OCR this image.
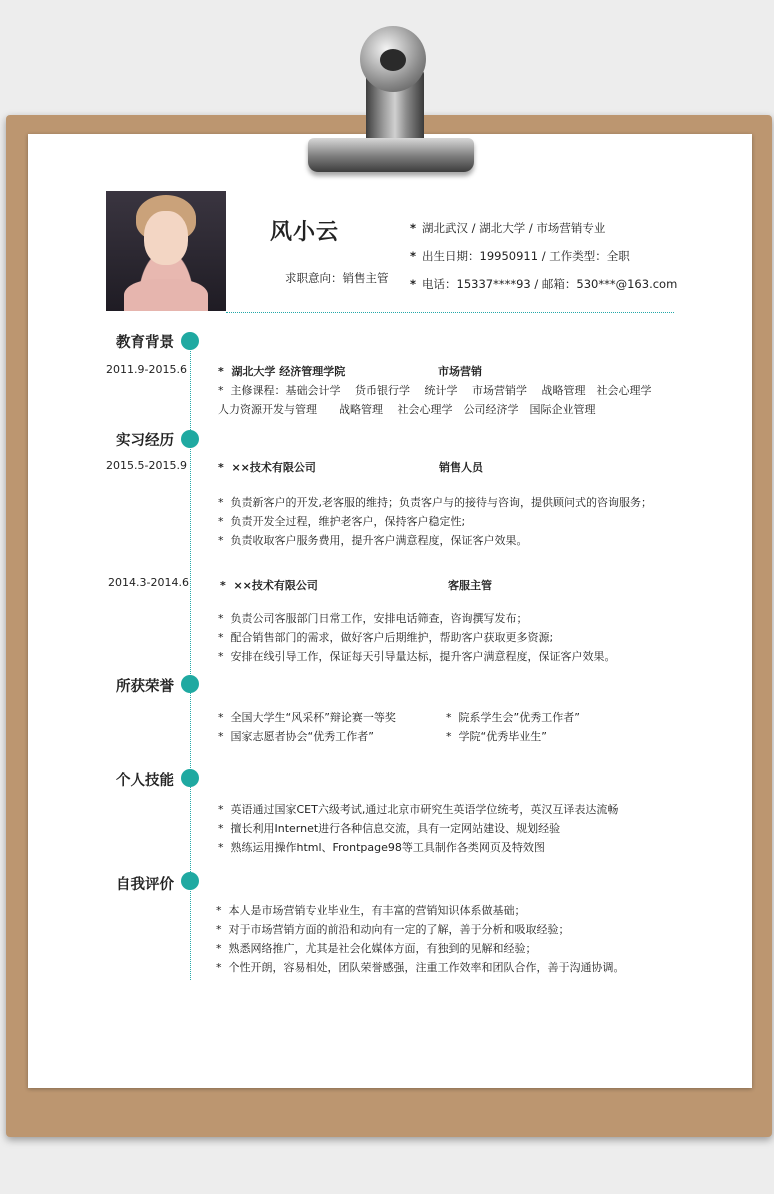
风小云
求职意向：销售主管
* 湖北武汉 / 湖北大学 / 市场营销专业
* 出生日期：19950911 / 工作类型：全职
* 电话：15337****93 / 邮箱：530***@163.com
教育背景
2011.9-2015.6	* 湖北大学 经济管理学院	市场营销
* 主修课程：基础会计学　 货币银行学　 统计学　 市场营销学　 战略管理　社会心理学
人力资源开发与管理　　战略管理　 社会心理学　公司经济学　国际企业管理
实习经历
2015.5-2015.9	* ××技术有限公司	销售人员
* 负责新客户的开发,老客服的维持；负责客户与的接待与咨询，提供顾问式的咨询服务；
* 负责开发全过程，维护老客户，保持客户稳定性;
* 负责收取客户服务费用，提升客户满意程度，保证客户效果。
2014.3-2014.6	* ××技术有限公司	客服主管
* 负责公司客服部门日常工作，安排电话筛查，咨询撰写发布；
* 配合销售部门的需求，做好客户后期维护，帮助客户获取更多资源;
* 安排在线引导工作，保证每天引导量达标，提升客户满意程度，保证客户效果。
所获荣誉
* 全国大学生“风采杯”辩论赛一等奖	* 院系学生会”优秀工作者”
* 国家志愿者协会“优秀工作者”	* 学院“优秀毕业生”
个人技能
* 英语通过国家CET六级考试,通过北京市研究生英语学位统考，英汉互译表达流畅
* 擅长利用Internet进行各种信息交流，具有一定网站建设、规划经验
* 熟练运用操作html、Frontpage98等工具制作各类网页及特效图
自我评价
* 本人是市场营销专业毕业生，有丰富的营销知识体系做基础；
* 对于市场营销方面的前沿和动向有一定的了解，善于分析和吸取经验；
* 熟悉网络推广，尤其是社会化媒体方面，有独到的见解和经验；
* 个性开朗，容易相处，团队荣誉感强，注重工作效率和团队合作，善于沟通协调。
